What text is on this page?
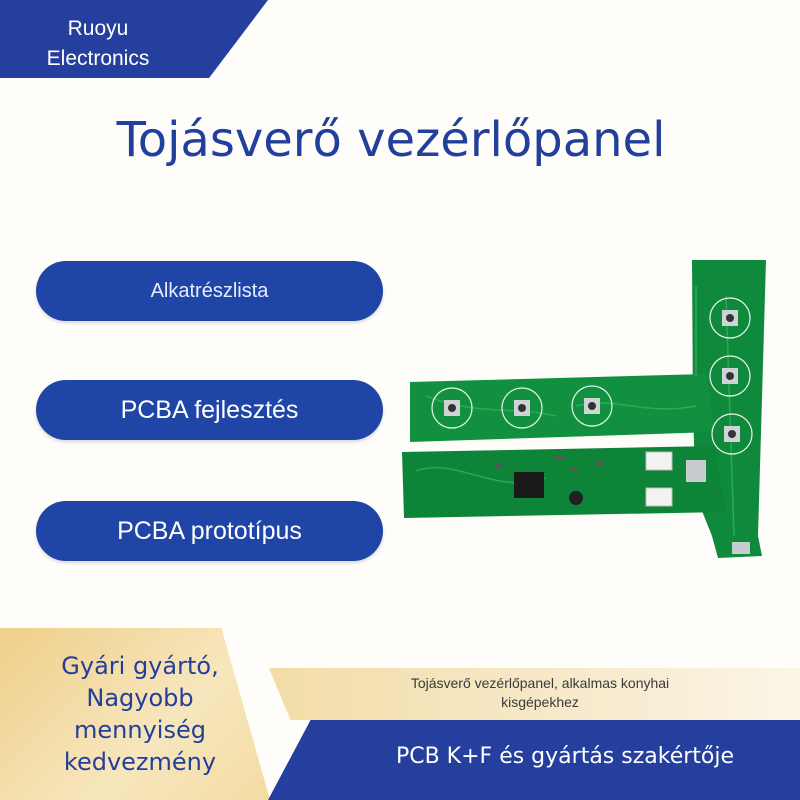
Ruoyu
Electronics
Tojásverő vezérlőpanel
Alkatrészlista
PCBA fejlesztés
PCBA prototípus
Gyári gyártó,
Nagyobb
mennyiség
kedvezmény
Tojásverő vezérlőpanel, alkalmas konyhai
kisgépekhez
PCB K+F és gyártás szakértője
